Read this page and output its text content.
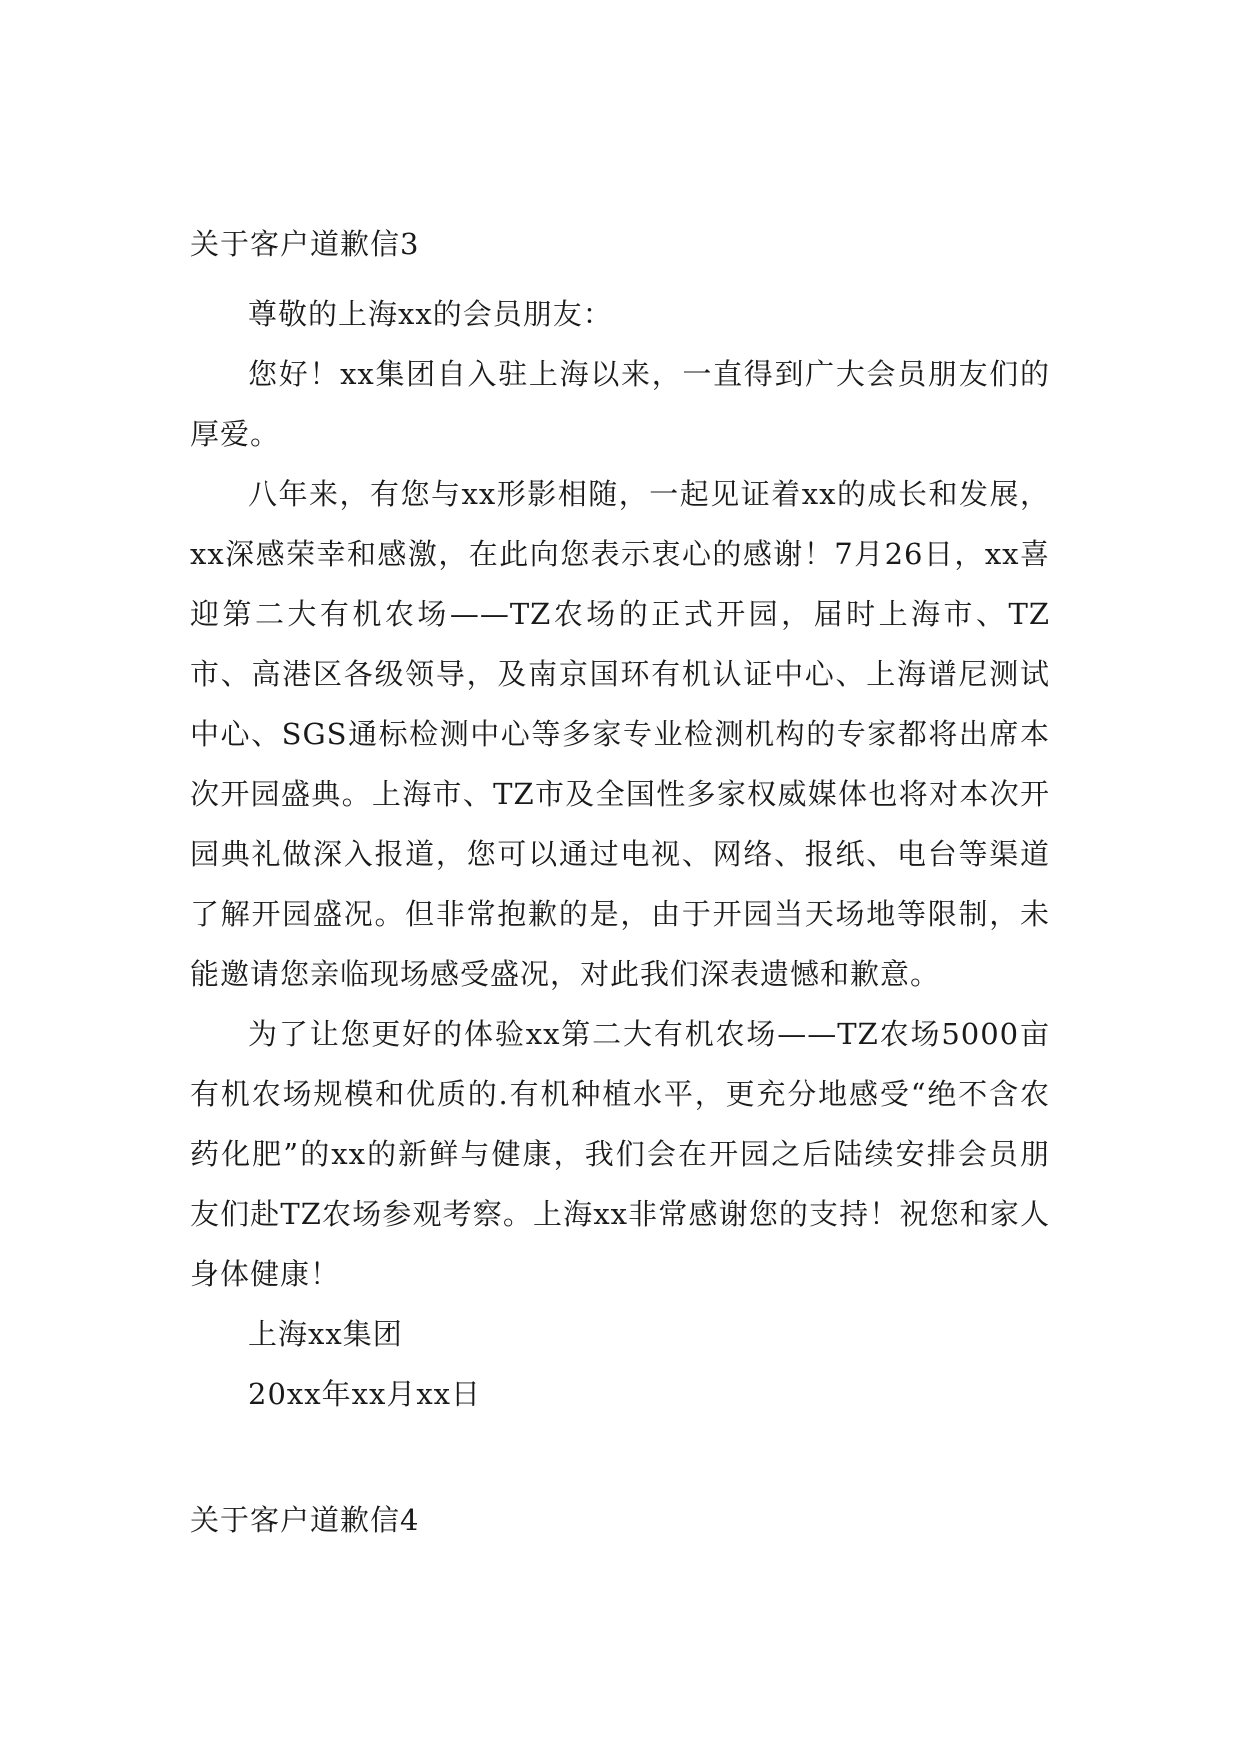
关于客户道歉信3

尊敬的上海xx的会员朋友：

您好！xx集团自入驻上海以来，一直得到广大会员朋友们的厚爱。

八年来，有您与xx形影相随，一起见证着xx的成长和发展，xx深感荣幸和感激，在此向您表示衷心的感谢！7月26日，xx喜迎第二大有机农场——TZ农场的正式开园，届时上海市、TZ市、高港区各级领导，及南京国环有机认证中心、上海谱尼测试中心、SGS通标检测中心等多家专业检测机构的专家都将出席本次开园盛典。上海市、TZ市及全国性多家权威媒体也将对本次开园典礼做深入报道，您可以通过电视、网络、报纸、电台等渠道了解开园盛况。但非常抱歉的是，由于开园当天场地等限制，未能邀请您亲临现场感受盛况，对此我们深表遗憾和歉意。

为了让您更好的体验xx第二大有机农场——TZ农场5000亩有机农场规模和优质的.有机种植水平，更充分地感受“绝不含农药化肥”的xx的新鲜与健康，我们会在开园之后陆续安排会员朋友们赴TZ农场参观考察。上海xx非常感谢您的支持！祝您和家人身体健康！

上海xx集团

20xx年xx月xx日

关于客户道歉信4
